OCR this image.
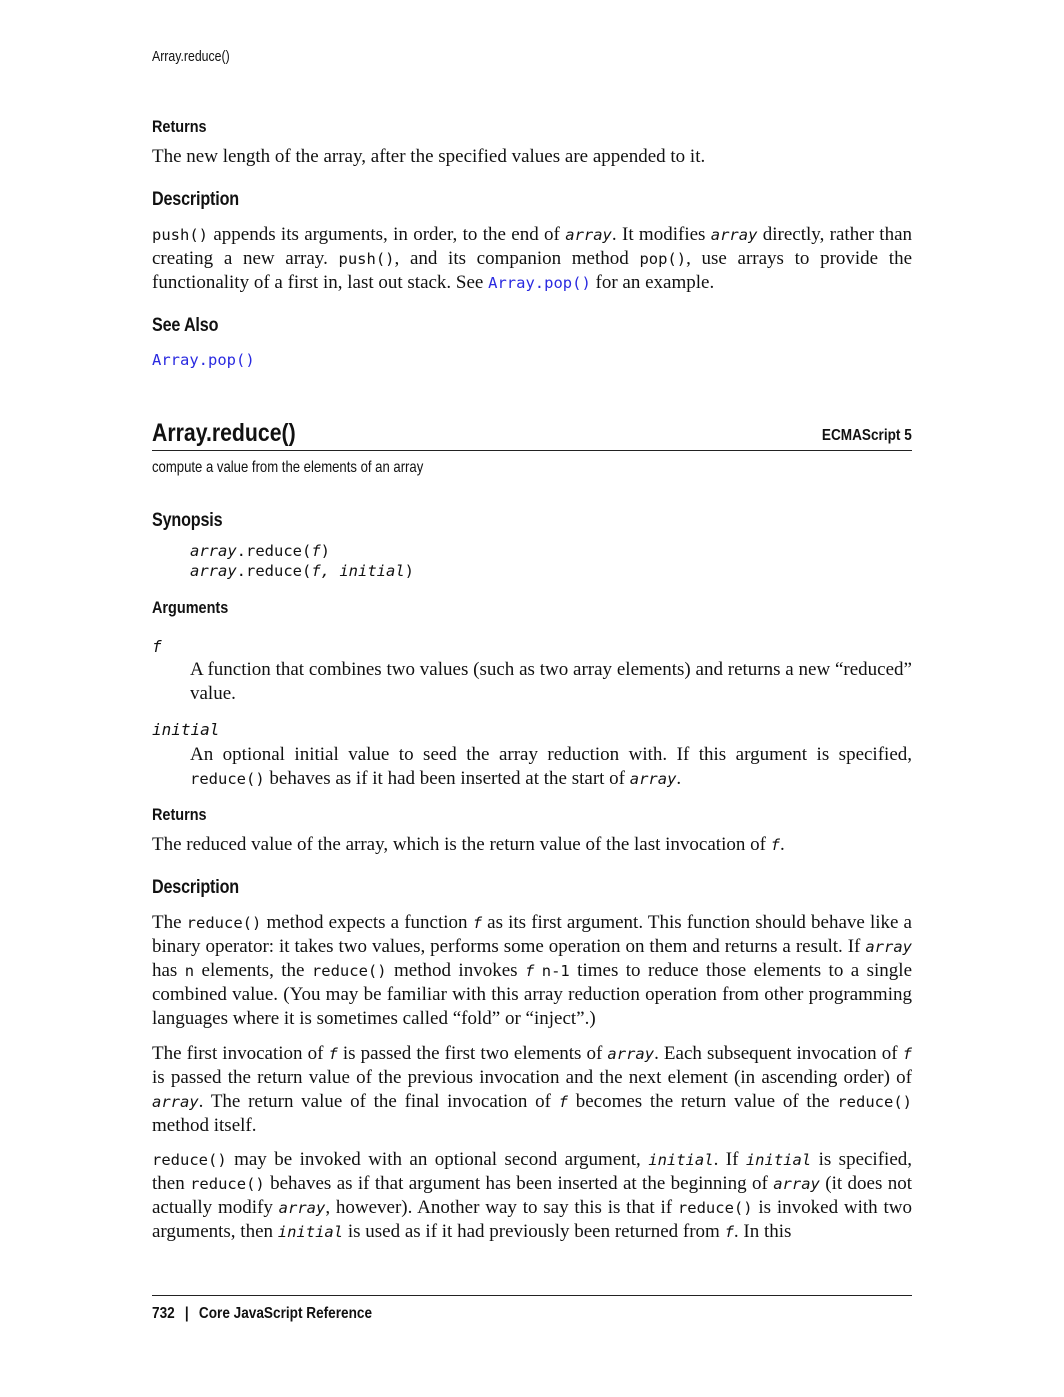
Array.reduce()
Returns
The new length of the array, after the specified values are appended to it.
Description
push() appends its arguments, in order, to the end of array. It modifies array directly, rather than creating a new array. push(), and its companion method pop(), use arrays to provide the functionality of a first in, last out stack. See Array.pop() for an example.
See Also
Array.pop()
Array.reduce()	ECMAScript 5
compute a value from the elements of an array
Synopsis
array.reduce(f)
array.reduce(f, initial)
Arguments
f
A function that combines two values (such as two array elements) and returns a new “reduced” value.
initial
An optional initial value to seed the array reduction with. If this argument is specified, reduce() behaves as if it had been inserted at the start of array.
Returns
The reduced value of the array, which is the return value of the last invocation of f.
Description
The reduce() method expects a function f as its first argument. This function should behave like a binary operator: it takes two values, performs some operation on them and returns a result. If array has n elements, the reduce() method invokes f n-1 times to reduce those elements to a single combined value. (You may be familiar with this array reduction operation from other programming languages where it is sometimes called “fold” or “inject”.)
The first invocation of f is passed the first two elements of array. Each subsequent invocation of f is passed the return value of the previous invocation and the next element (in ascending order) of array. The return value of the final invocation of f becomes the return value of the reduce() method itself.
reduce() may be invoked with an optional second argument, initial. If initial is specified, then reduce() behaves as if that argument has been inserted at the beginning of array (it does not actually modify array, however). Another way to say this is that if reduce() is invoked with two arguments, then initial is used as if it had previously been returned from f. In this
732 | Core JavaScript Reference
